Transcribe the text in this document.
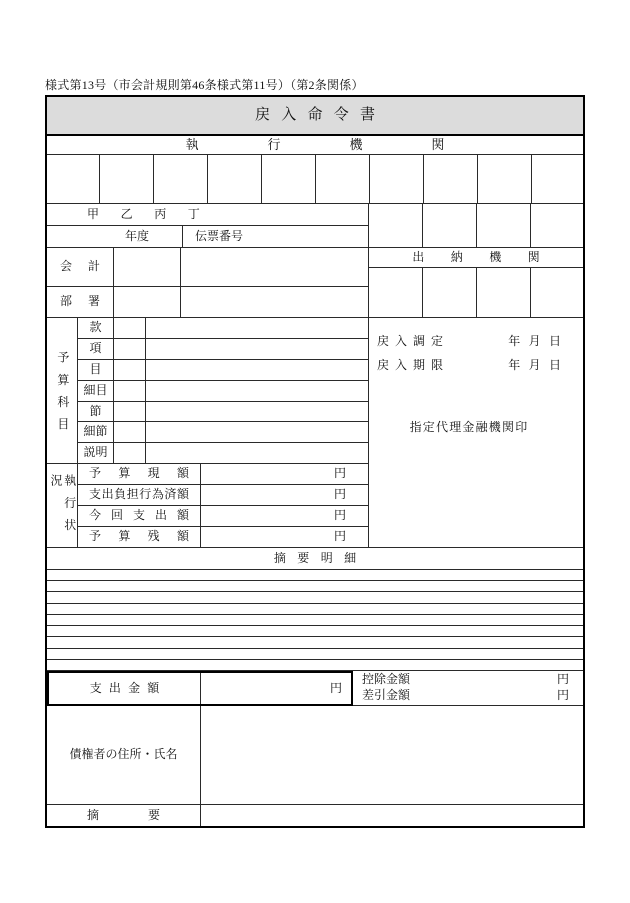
様式第13号（市会計規則第46条様式第11号）（第2条関係）
戻入命令書
執行機関
甲乙丙丁
年度	伝票番号
会計
部署
予算科目
款
項
目
細目
節
細節
説明
執行状況
予算現額	円
支出負担行為済額	円
今回支出額	円
予算残額	円
出納機関
戻入調定	年月日
戻入期限	年月日
指定代理金融機関印
摘要明細
支出金額	円
控除金額	円
差引金額	円
債権者の住所・氏名
摘要
